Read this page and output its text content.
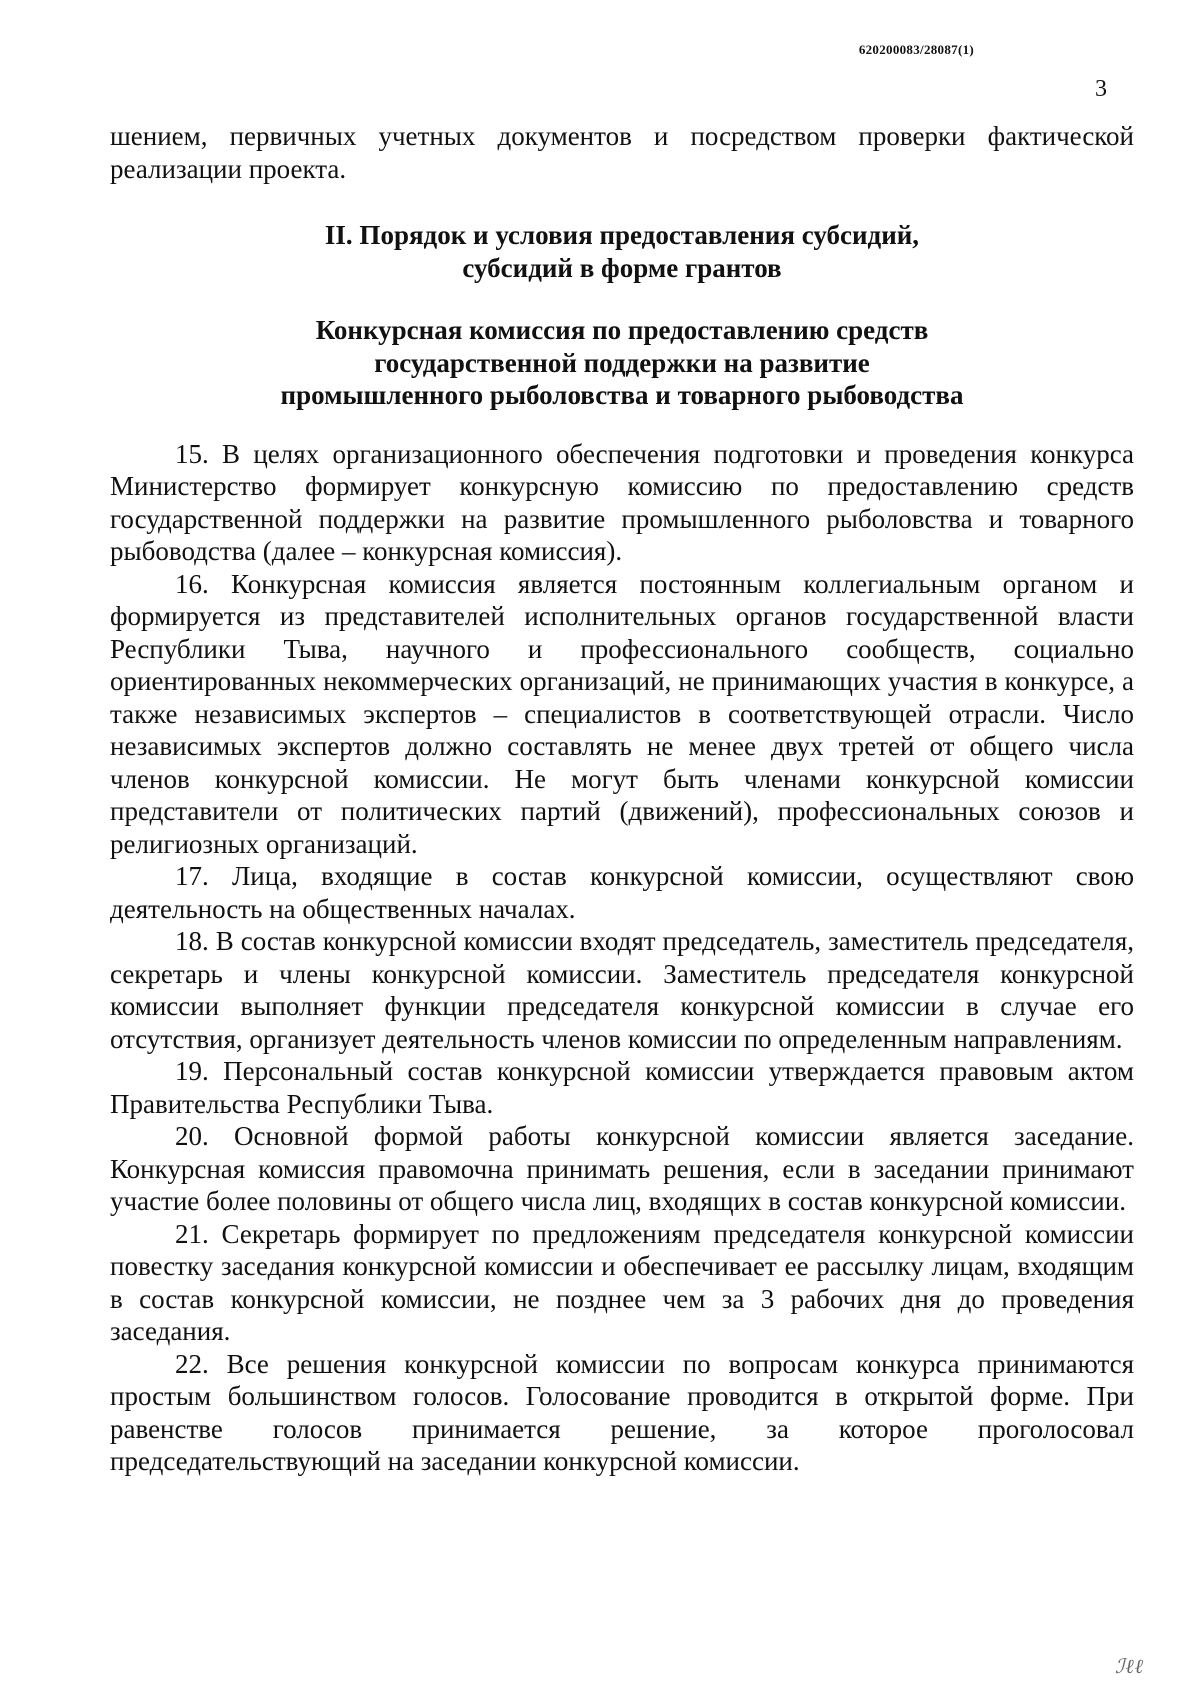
620200083/28087(1)
3

шением, первичных учетных документов и посредством проверки фактической реализации проекта.

II. Порядок и условия предоставления субсидий,
субсидий в форме грантов
Конкурсная комиссия по предоставлению средств
государственной поддержки на развитие
промышленного рыболовства и товарного рыбоводства

15. В целях организационного обеспечения подготовки и проведения конкурса Министерство формирует конкурсную комиссию по предоставлению средств государственной поддержки на развитие промышленного рыболовства и товарного рыбоводства (далее – конкурсная комиссия).

16. Конкурсная комиссия является постоянным коллегиальным органом и формируется из представителей исполнительных органов государственной власти Республики Тыва, научного и профессионального сообществ, социально ориентированных некоммерческих организаций, не принимающих участия в конкурсе, а также независимых экспертов – специалистов в соответствующей отрасли. Число независимых экспертов должно составлять не менее двух третей от общего числа членов конкурсной комиссии. Не могут быть членами конкурсной комиссии представители от политических партий (движений), профессиональных союзов и религиозных организаций.

17. Лица, входящие в состав конкурсной комиссии, осуществляют свою деятельность на общественных началах.

18. В состав конкурсной комиссии входят председатель, заместитель председателя, секретарь и члены конкурсной комиссии. Заместитель председателя конкурсной комиссии выполняет функции председателя конкурсной комиссии в случае его отсутствия, организует деятельность членов комиссии по определенным направлениям.

19. Персональный состав конкурсной комиссии утверждается правовым актом Правительства Республики Тыва.

20. Основной формой работы конкурсной комиссии является заседание. Конкурсная комиссия правомочна принимать решения, если в заседании принимают участие более половины от общего числа лиц, входящих в состав конкурсной комиссии.

21. Секретарь формирует по предложениям председателя конкурсной комиссии повестку заседания конкурсной комиссии и обеспечивает ее рассылку лицам, входящим в состав конкурсной комиссии, не позднее чем за 3 рабочих дня до проведения заседания.

22. Все решения конкурсной комиссии по вопросам конкурса принимаются простым большинством голосов. Голосование проводится в открытой форме. При равенстве голосов принимается решение, за которое проголосовал председательствующий на заседании конкурсной комиссии.

ℐℓℓ
